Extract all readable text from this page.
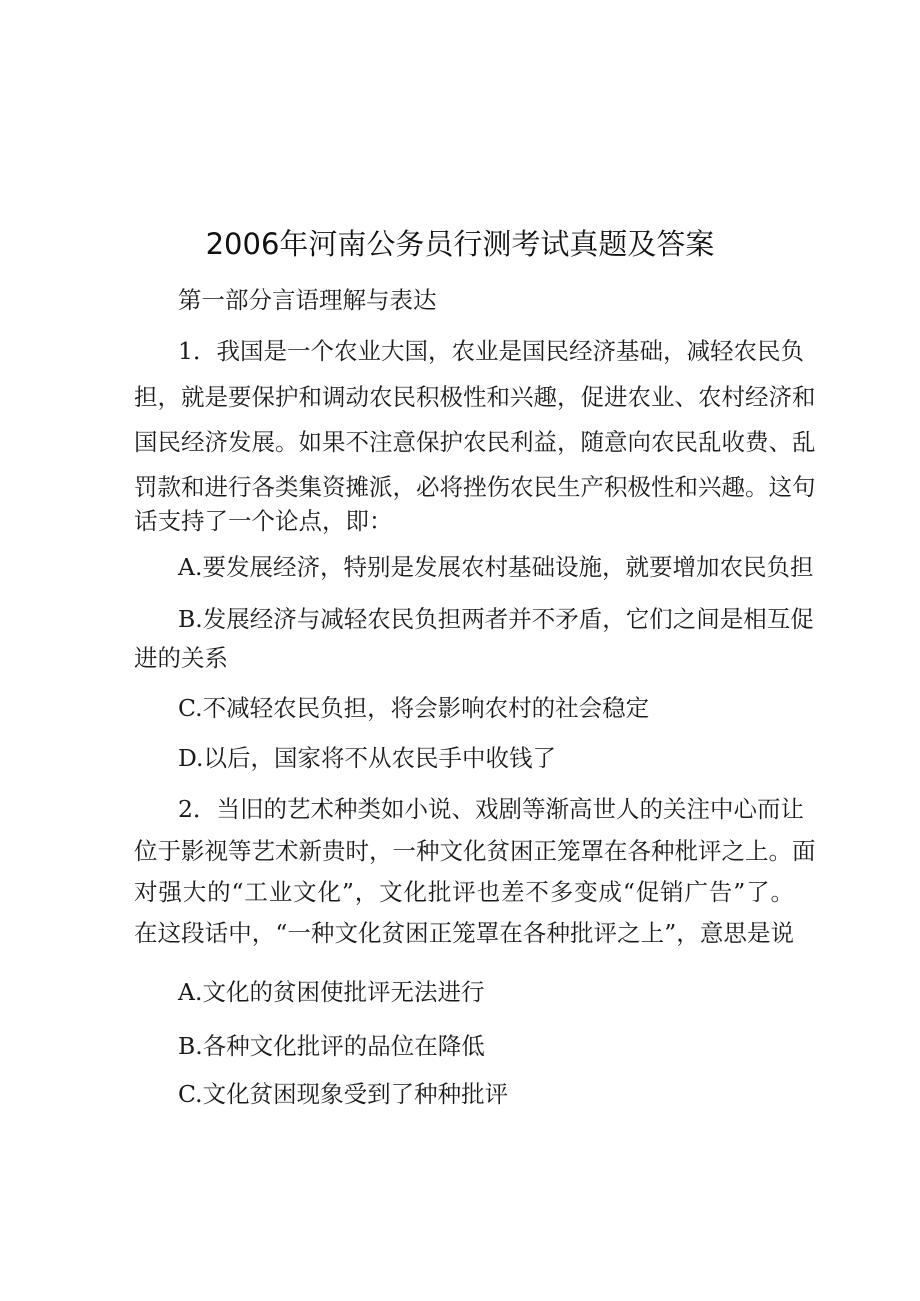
2006年河南公务员行测考试真题及答案
第一部分言语理解与表达
1．我国是一个农业大国，农业是国民经济基础，减轻农民负
担，就是要保护和调动农民积极性和兴趣，促进农业、农村经济和
国民经济发展。如果不注意保护农民利益，随意向农民乱收费、乱
罚款和进行各类集资摊派，必将挫伤农民生产积极性和兴趣。这句
话支持了一个论点，即：
A.要发展经济，特别是发展农村基础设施，就要增加农民负担
B.发展经济与减轻农民负担两者并不矛盾，它们之间是相互促
进的关系
C.不减轻农民负担，将会影响农村的社会稳定
D.以后，国家将不从农民手中收钱了
2．当旧的艺术种类如小说、戏剧等渐高世人的关注中心而让
位于影视等艺术新贵时，一种文化贫困正笼罩在各种枇评之上。面
对强大的“工业文化”，文化批评也差不多变成“促销广告”了。
在这段话中，“一种文化贫困正笼罩在各种批评之上”，意思是说
A.文化的贫困使批评无法进行
B.各种文化批评的品位在降低
C.文化贫困现象受到了种种批评
